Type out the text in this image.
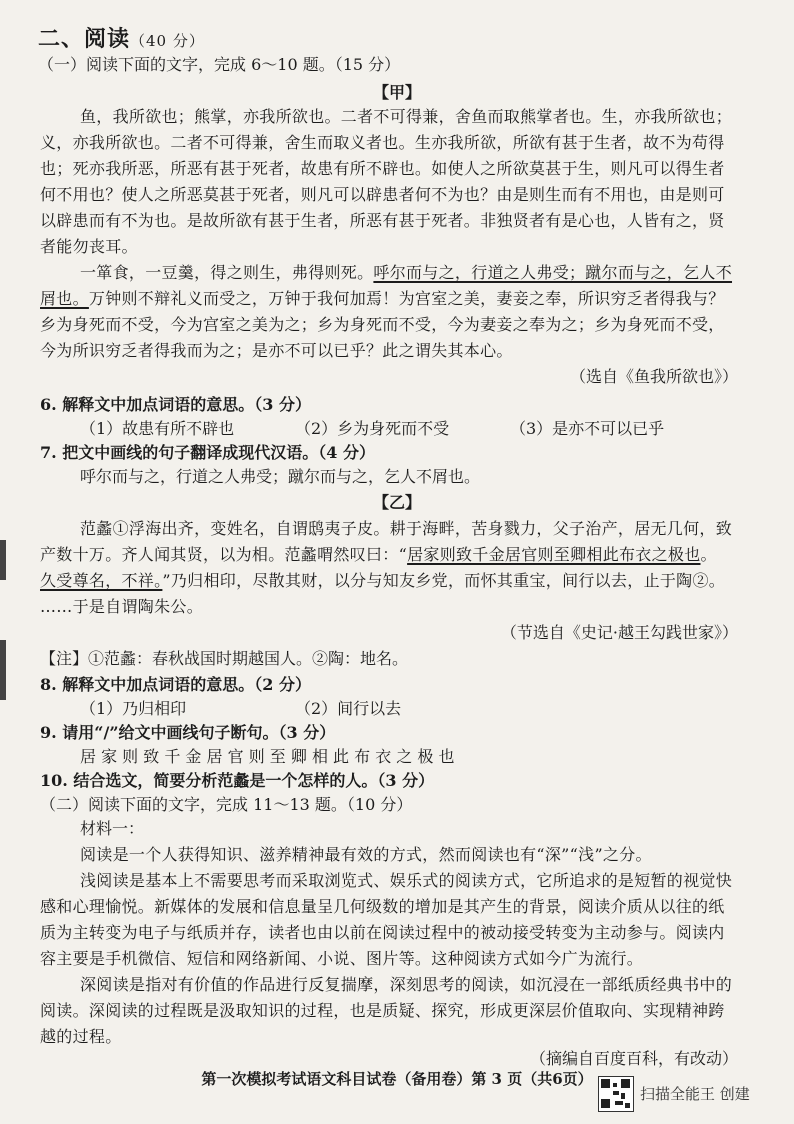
二、阅读（40 分）
（一）阅读下面的文字，完成 6～10 题。（15 分）
【甲】
鱼，我所欲也；熊掌，亦我所欲也。二者不可得兼，舍鱼而取熊掌者也。生，亦我所欲也；
义，亦我所欲也。二者不可得兼，舍生而取义者也。生亦我所欲，所欲有甚于生者，故不为苟得
也；死亦我所恶，所恶有甚于死者，故患有所不辟也。如使人之所欲莫甚于生，则凡可以得生者
何不用也？使人之所恶莫甚于死者，则凡可以辟患者何不为也？由是则生而有不用也，由是则可
以辟患而有不为也。是故所欲有甚于生者，所恶有甚于死者。非独贤者有是心也，人皆有之，贤
者能勿丧耳。
一箪食，一豆羹，得之则生，弗得则死。呼尔而与之，行道之人弗受；蹴尔而与之，乞人不
屑也。万钟则不辩礼义而受之，万钟于我何加焉！为宫室之美，妻妾之奉，所识穷乏者得我与？
乡为身死而不受，今为宫室之美为之；乡为身死而不受，今为妻妾之奉为之；乡为身死而不受，
今为所识穷乏者得我而为之；是亦不可以已乎？此之谓失其本心。
（选自《鱼我所欲也》）
6. 解释文中加点词语的意思。（3 分）
（1）故患有所不辟也	（2）乡为身死而不受	（3）是亦不可以已乎
7. 把文中画线的句子翻译成现代汉语。（4 分）
呼尔而与之，行道之人弗受；蹴尔而与之，乞人不屑也。
【乙】
范蠡①浮海出齐，变姓名，自谓鸱夷子皮。耕于海畔，苦身戮力，父子治产，居无几何，致
产数十万。齐人闻其贤，以为相。范蠡喟然叹曰：“居家则致千金居官则至卿相此布衣之极也。
久受尊名，不祥。”乃归相印，尽散其财，以分与知友乡党，而怀其重宝，间行以去，止于陶②。
……于是自谓陶朱公。
（节选自《史记·越王勾践世家》）
【注】①范蠡：春秋战国时期越国人。②陶：地名。
8. 解释文中加点词语的意思。（2 分）
（1）乃归相印	（2）间行以去
9. 请用“/”给文中画线句子断句。（3 分）
居 家 则 致 千 金 居 官 则 至 卿 相 此 布 衣 之 极 也
10. 结合选文，简要分析范蠡是一个怎样的人。（3 分）
（二）阅读下面的文字，完成 11～13 题。（10 分）
材料一：
阅读是一个人获得知识、滋养精神最有效的方式，然而阅读也有“深”“浅”之分。
浅阅读是基本上不需要思考而采取浏览式、娱乐式的阅读方式，它所追求的是短暂的视觉快
感和心理愉悦。新媒体的发展和信息量呈几何级数的增加是其产生的背景，阅读介质从以往的纸
质为主转变为电子与纸质并存，读者也由以前在阅读过程中的被动接受转变为主动参与。阅读内
容主要是手机微信、短信和网络新闻、小说、图片等。这种阅读方式如今广为流行。
深阅读是指对有价值的作品进行反复揣摩，深刻思考的阅读，如沉浸在一部纸质经典书中的
阅读。深阅读的过程既是汲取知识的过程，也是质疑、探究，形成更深层价值取向、实现精神跨
越的过程。
（摘编自百度百科，有改动）
第一次模拟考试语文科目试卷（备用卷）第 3 页（共6页）
扫描全能王 创建
